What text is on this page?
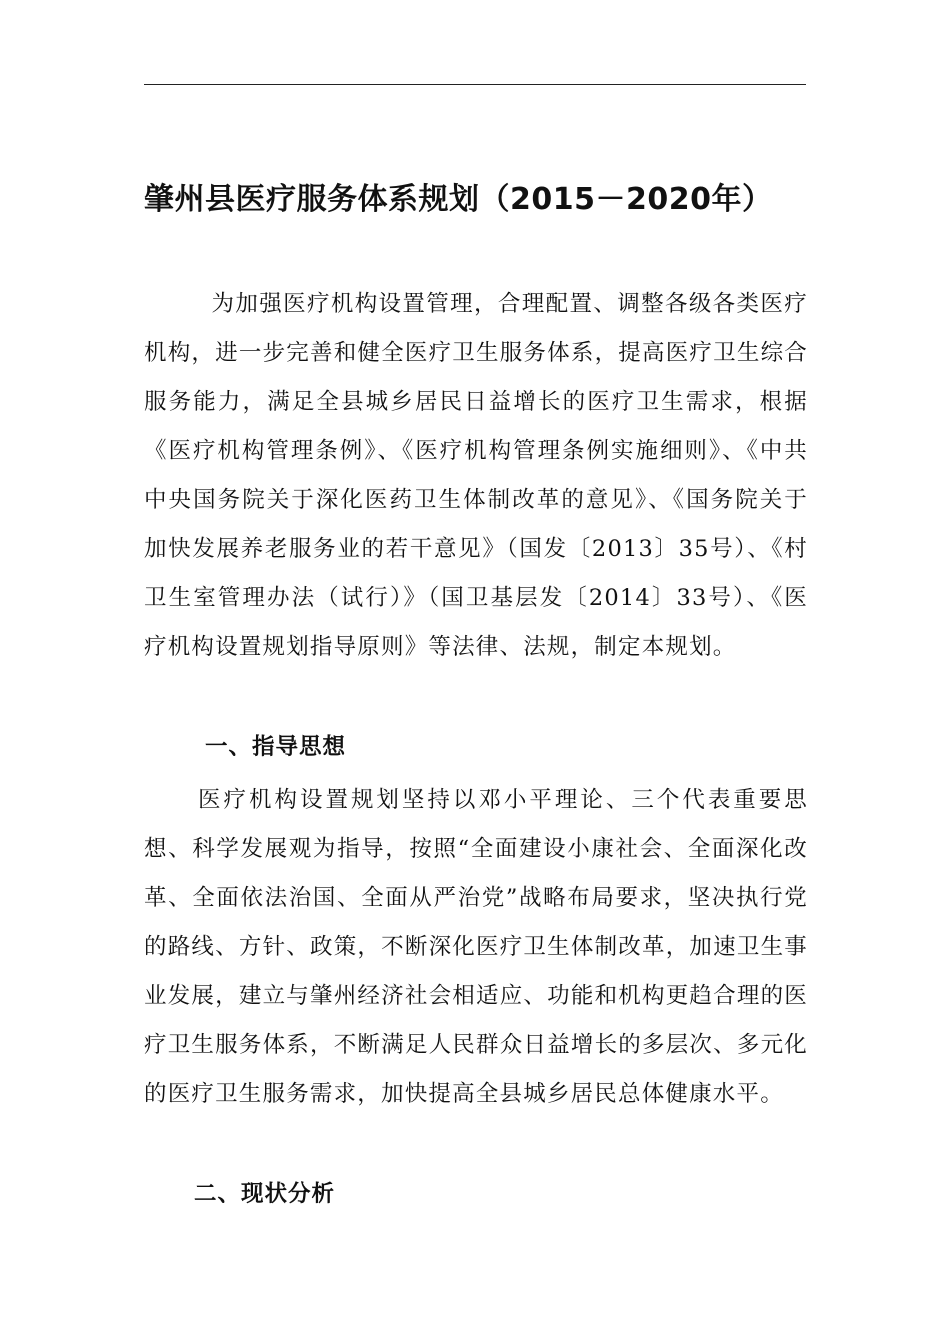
肇州县医疗服务体系规划（2015－2020年）
为加强医疗机构设置管理，合理配置、调整各级各类医疗机构，进一步完善和健全医疗卫生服务体系，提高医疗卫生综合服务能力，满足全县城乡居民日益增长的医疗卫生需求，根据《医疗机构管理条例》、《医疗机构管理条例实施细则》、《中共中央国务院关于深化医药卫生体制改革的意见》、《国务院关于加快发展养老服务业的若干意见》（国发〔2013〕35号）、《村卫生室管理办法（试行）》（国卫基层发〔2014〕33号）、《医疗机构设置规划指导原则》等法律、法规，制定本规划。
一、指导思想
医疗机构设置规划坚持以邓小平理论、三个代表重要思想、科学发展观为指导，按照“全面建设小康社会、全面深化改革、全面依法治国、全面从严治党”战略布局要求，坚决执行党的路线、方针、政策，不断深化医疗卫生体制改革，加速卫生事业发展，建立与肇州经济社会相适应、功能和机构更趋合理的医疗卫生服务体系，不断满足人民群众日益增长的多层次、多元化的医疗卫生服务需求，加快提高全县城乡居民总体健康水平。
二、现状分析
